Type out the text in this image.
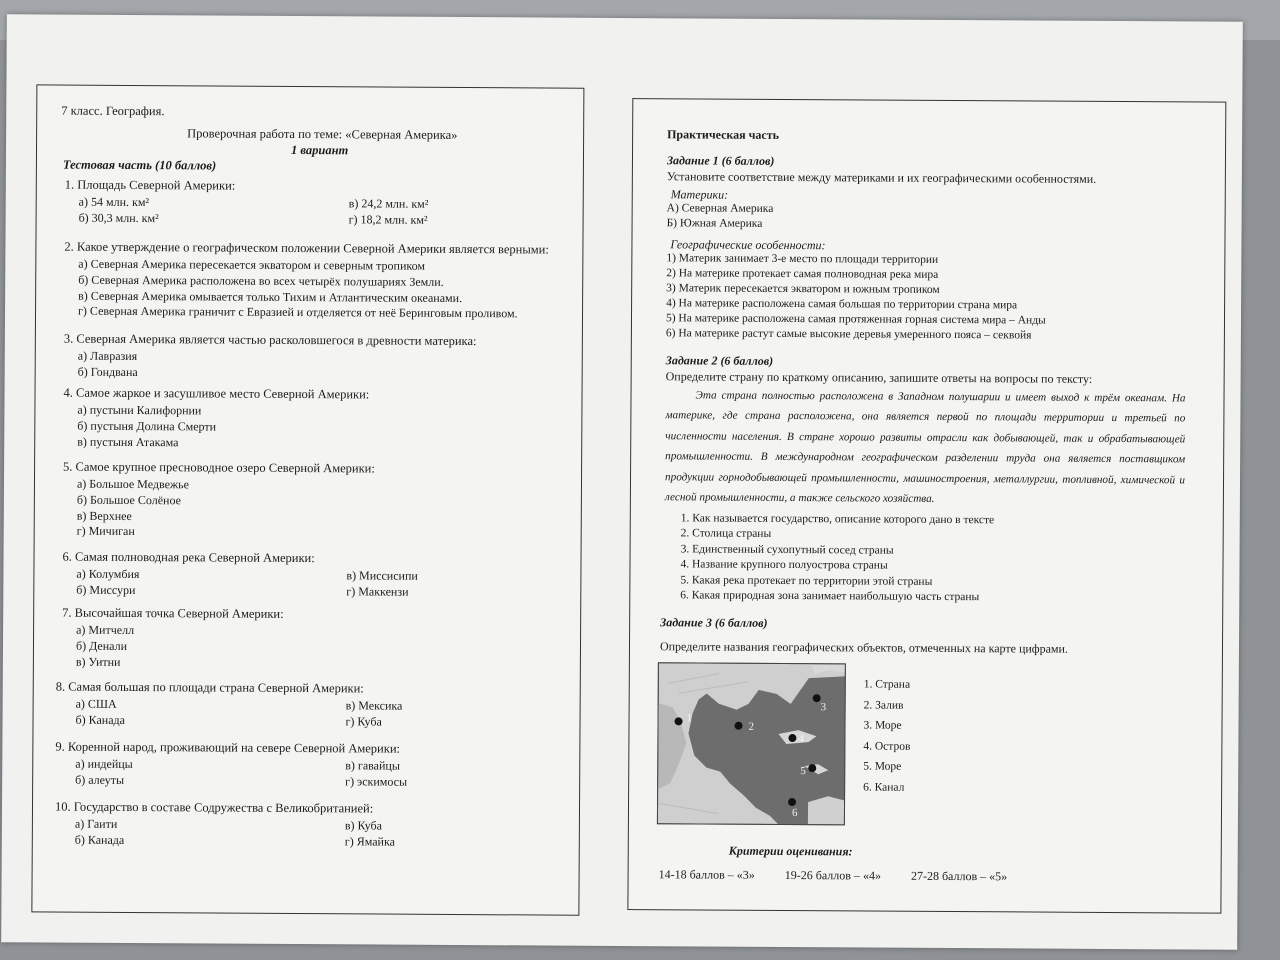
7 класс. География.
Проверочная работа по теме: «Северная Америка»
1 вариант
Тестовая часть (10 баллов)
1. Площадь Северной Америки:
а) 54 млн. км²	в) 24,2 млн. км²
б) 30,3 млн. км²	г) 18,2 млн. км²
2. Какое утверждение о географическом положении Северной Америки является верными:
а) Северная Америка пересекается экватором и северным тропиком
б) Северная Америка расположена во всех четырёх полушариях Земли.
в) Северная Америка омывается только Тихим и Атлантическим океанами.
г) Северная Америка граничит с Евразией и отделяется от неё Беринговым проливом.
3. Северная Америка является частью расколовшегося в древности материка:
а) Лавразия
б) Гондвана
4. Самое жаркое и засушливое место Северной Америки:
а) пустыни Калифорнии
б) пустыня Долина Смерти
в) пустыня Атакама
5. Самое крупное пресноводное озеро Северной Америки:
а) Большое Медвежье
б) Большое Солёное
в) Верхнее
г) Мичиган
6. Самая полноводная река Северной Америки:
а) Колумбия	в) Миссисипи
б) Миссури	г) Маккензи
7. Высочайшая точка Северной Америки:
а) Митчелл
б) Денали
в) Уитни
8. Самая большая по площади страна Северной Америки:
а) США	в) Мексика
б) Канада	г) Куба
9. Коренной народ, проживающий на севере Северной Америки:
а) индейцы	в) гавайцы
б) алеуты	г) эскимосы
10. Государство в составе Содружества с Великобританией:
а) Гаити	в) Куба
б) Канада	г) Ямайка
Практическая часть
Задание 1 (6 баллов)
Установите соответствие между материками и их географическими особенностями.
Материки:
А) Северная Америка
Б) Южная Америка
Географические особенности:
1) Материк занимает 3-е место по площади территории
2) На материке протекает самая полноводная река мира
3) Материк пересекается экватором и южным тропиком
4) На материке расположена самая большая по территории страна мира
5) На материке расположена самая протяженная горная система мира – Анды
6) На материке растут самые высокие деревья умеренного пояса – секвойя
Задание 2 (6 баллов)
Определите страну по краткому описанию, запишите ответы на вопросы по тексту:
Эта страна полностью расположена в Западном полушарии и имеет выход к трём океанам. На материке, где страна расположена, она является первой по площади территории и третьей по численности населения. В стране хорошо развиты отрасли как добывающей, так и обрабатывающей промышленности. В международном географическом разделении труда она является поставщиком продукции горнодобывающей промышленности, машиностроения, металлургии, топливной, химической и лесной промышленности, а также сельского хозяйства.
1. Как называется государство, описание которого дано в тексте
2. Столица страны
3. Единственный сухопутный сосед страны
4. Название крупного полуострова страны
5. Какая река протекает по территории этой страны
6. Какая природная зона занимает наибольшую часть страны
Задание 3 (6 баллов)
Определите названия географических объектов, отмеченных на карте цифрами.
1
2
3
4
5
6
1. Страна
2. Залив
3. Море
4. Остров
5. Море
6. Канал
Критерии оценивания:
14-18 баллов – «3» 19-26 баллов – «4» 27-28 баллов – «5»
